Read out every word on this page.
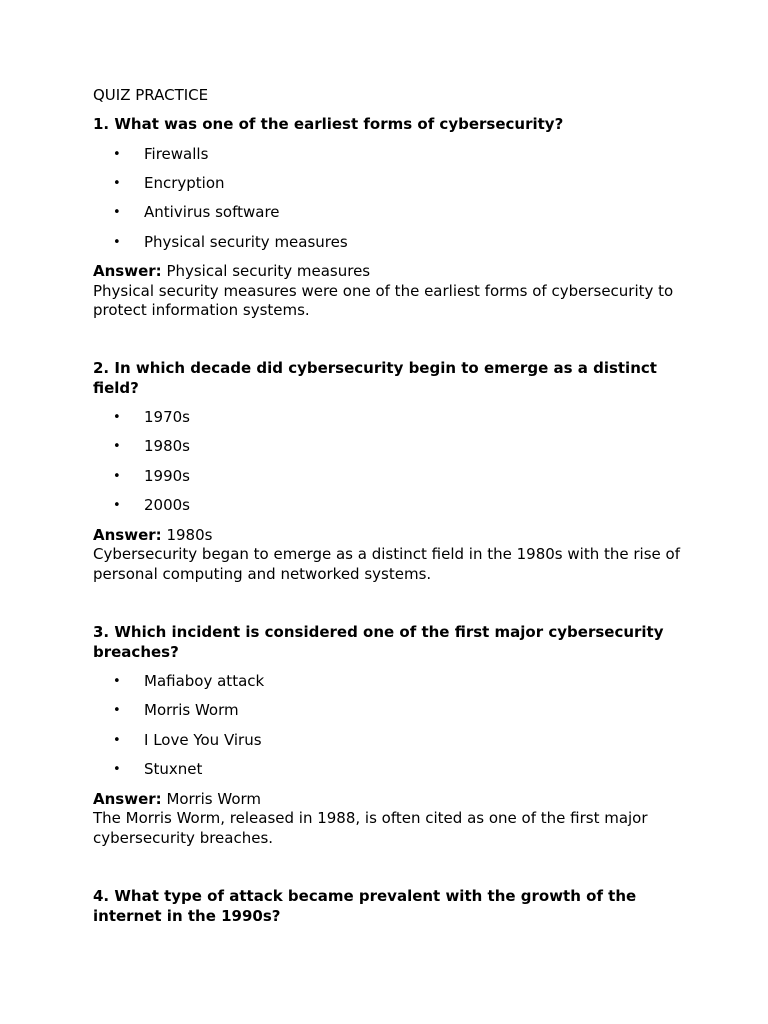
QUIZ PRACTICE

1. What was one of the earliest forms of cybersecurity?

• Firewalls
• Encryption
• Antivirus software
• Physical security measures

Answer: Physical security measures

Physical security measures were one of the earliest forms of cybersecurity to protect information systems.

2. In which decade did cybersecurity begin to emerge as a distinct field?

• 1970s
• 1980s
• 1990s
• 2000s

Answer: 1980s

Cybersecurity began to emerge as a distinct field in the 1980s with the rise of personal computing and networked systems.

3. Which incident is considered one of the first major cybersecurity breaches?

• Mafiaboy attack
• Morris Worm
• I Love You Virus
• Stuxnet

Answer: Morris Worm

The Morris Worm, released in 1988, is often cited as one of the first major cybersecurity breaches.

4. What type of attack became prevalent with the growth of the internet in the 1990s?
